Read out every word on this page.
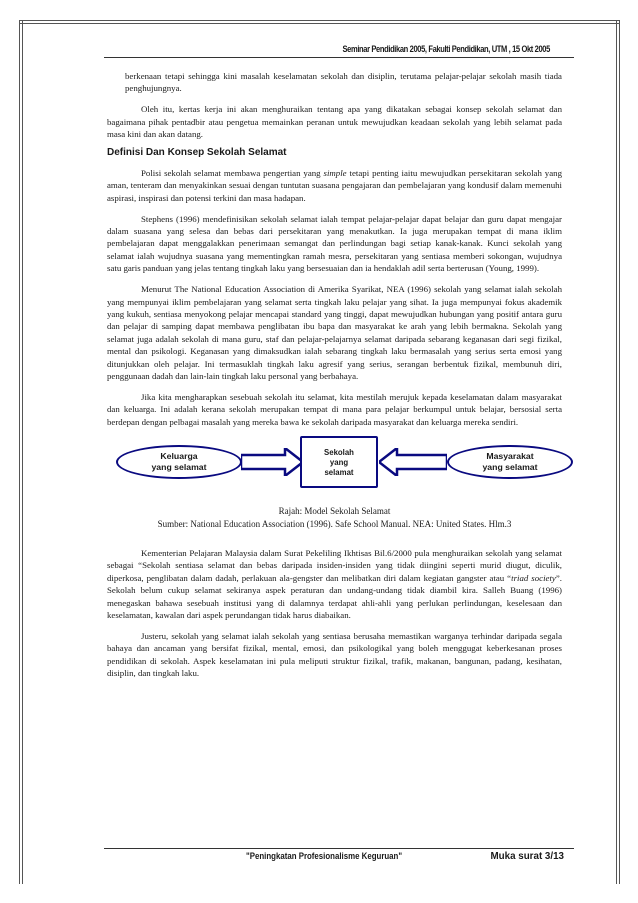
Seminar Pendidikan 2005, Fakulti Pendidikan, UTM , 15 Okt 2005

berkenaan tetapi sehingga kini masalah keselamatan sekolah dan disiplin, terutama pelajar-pelajar sekolah masih tiada penghujungnya.

Oleh itu, kertas kerja ini akan menghuraikan tentang apa yang dikatakan sebagai konsep sekolah selamat dan bagaimana pihak pentadbir atau pengetua memainkan peranan untuk mewujudkan keadaan sekolah yang lebih selamat pada masa kini dan akan datang.

Definisi Dan Konsep Sekolah Selamat

Polisi sekolah selamat membawa pengertian yang simple tetapi penting iaitu mewujudkan persekitaran sekolah yang aman, tenteram dan menyakinkan sesuai dengan tuntutan suasana pengajaran dan pembelajaran yang kondusif dalam memenuhi aspirasi, inspirasi dan potensi terkini dan masa hadapan.

Stephens (1996) mendefinisikan sekolah selamat ialah tempat pelajar-pelajar dapat belajar dan guru dapat mengajar dalam suasana yang selesa dan bebas dari persekitaran yang menakutkan. Ia juga merupakan tempat di mana iklim pembelajaran dapat menggalakkan penerimaan semangat dan perlindungan bagi setiap kanak-kanak. Kunci sekolah yang selamat ialah wujudnya suasana yang mementingkan ramah mesra, persekitaran yang sentiasa memberi sokongan, wujudnya satu garis panduan yang jelas tentang tingkah laku yang bersesuaian dan ia hendaklah adil serta berterusan (Young, 1999).

Menurut The National Education Association di Amerika Syarikat, NEA (1996) sekolah yang selamat ialah sekolah yang mempunyai iklim pembelajaran yang selamat serta tingkah laku pelajar yang sihat. Ia juga mempunyai fokus akademik yang kukuh, sentiasa menyokong pelajar mencapai standard yang tinggi, dapat mewujudkan hubungan yang positif antara guru dan pelajar di samping dapat membawa penglibatan ibu bapa dan masyarakat ke arah yang lebih bermakna. Sekolah yang selamat juga adalah sekolah di mana guru, staf dan pelajar-pelajarnya selamat daripada sebarang keganasan dari segi fizikal, mental dan psikologi. Keganasan yang dimaksudkan ialah sebarang tingkah laku bermasalah yang serius serta emosi yang ditunjukkan oleh pelajar. Ini termasuklah tingkah laku agresif yang serius, serangan berbentuk fizikal, membunuh diri, penggunaan dadah dan lain-lain tingkah laku personal yang berbahaya.

Jika kita mengharapkan sesebuah sekolah itu selamat, kita mestilah merujuk kepada keselamatan dalam masyarakat dan keluarga. Ini adalah kerana sekolah merupakan tempat di mana para pelajar berkumpul untuk belajar, bersosial serta berdepan dengan pelbagai masalah yang mereka bawa ke sekolah daripada masyarakat dan keluarga mereka sendiri.

Keluarga
yang selamat
Sekolah
yang
selamat
Masyarakat
yang selamat
Rajah: Model Sekolah Selamat
Sumber: National Education Association (1996). Safe School Manual. NEA: United States. Hlm.3

Kementerian Pelajaran Malaysia dalam Surat Pekeliling Ikhtisas Bil.6/2000 pula menghuraikan sekolah yang selamat sebagai “Sekolah sentiasa selamat dan bebas daripada insiden-insiden yang tidak diingini seperti murid diugut, diculik, diperkosa, penglibatan dalam dadah, perlakuan ala-gengster dan melibatkan diri dalam kegiatan gangster atau “triad society”. Sekolah belum cukup selamat sekiranya aspek peraturan dan undang-undang tidak diambil kira. Salleh Buang (1996) menegaskan bahawa sesebuah institusi yang di dalamnya terdapat ahli-ahli yang perlukan perlindungan, keselesaan dan keselamatan, kawalan dari aspek perundangan tidak harus diabaikan.

Justeru, sekolah yang selamat ialah sekolah yang sentiasa berusaha memastikan warganya terhindar daripada segala bahaya dan ancaman yang bersifat fizikal, mental, emosi, dan psikologikal yang boleh menggugat keberkesanan proses pendidikan di sekolah. Aspek keselamatan ini pula meliputi struktur fizikal, trafik, makanan, bangunan, padang, kesihatan, disiplin, dan tingkah laku.

"Peningkatan Profesionalisme Keguruan"	Muka surat 3/13
